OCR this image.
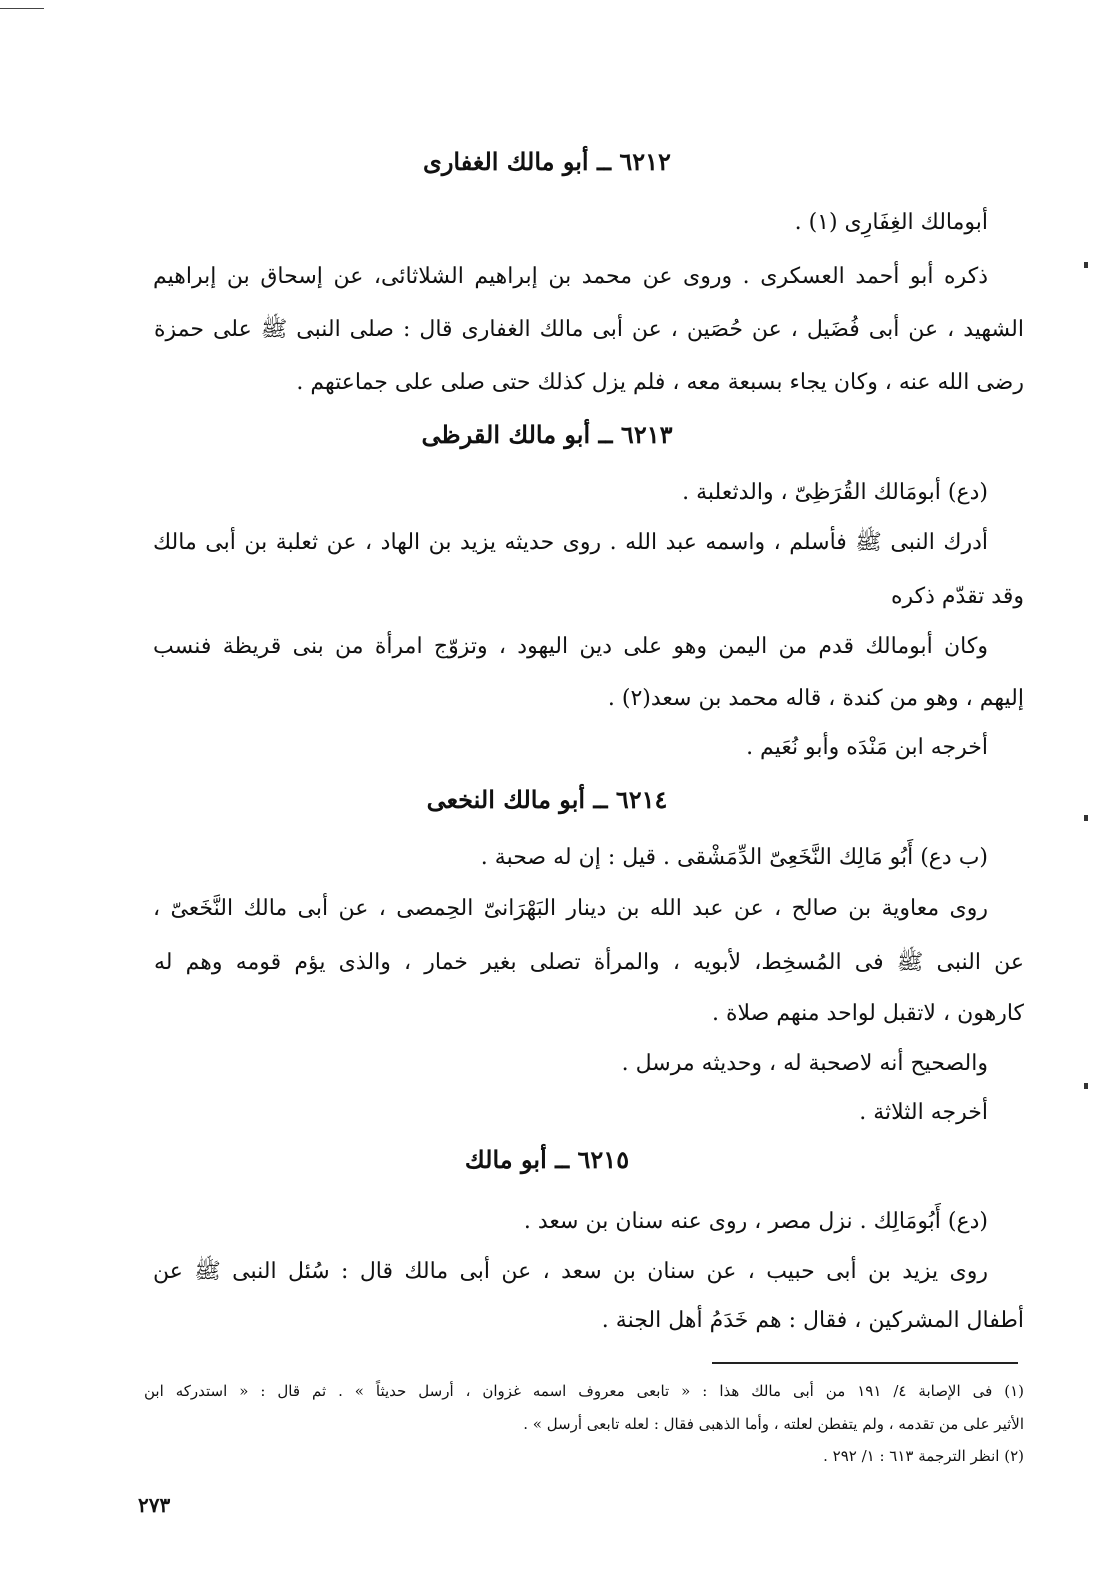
٦٢١٢ ــ أبو مالك الغفارى
أبومالك الغِفَارِى (١) .
ذكره أبو أحمد العسكرى . وروى عن محمد بن إبراهيم الشلاثائى، عن إسحاق بن إبراهيم
الشهيد ، عن أبى فُضَيل ، عن حُصَين ، عن أبى مالك الغفارى قال : صلى النبى ﷺ على حمزة
رضى الله عنه ، وكان يجاء بسبعة معه ، فلم يزل كذلك حتى صلى على جماعتهم .
٦٢١٣ ــ أبو مالك القرظى
(دع) أبومَالك القُرَظِىّ ، والدثعلبة .
أدرك النبى ﷺ فأسلم ، واسمه عبد الله . روى حديثه يزيد بن الهاد ، عن ثعلبة بن أبى مالك
وقد تقدّم ذكره
وكان أبومالك قدم من اليمن وهو على دين اليهود ، وتزوّج امرأة من بنى قريظة فنسب
إليهم ، وهو من كندة ، قاله محمد بن سعد(٢) .
أخرجه ابن مَنْدَه وأبو نُعَيم .
٦٢١٤ ــ أبو مالك النخعى
(ب دع) أَبُو مَالِك النَّخَعِىّ الدِّمَشْقى . قيل : إن له صحبة .
روى معاوية بن صالح ، عن عبد الله بن دينار البَهْرَانىّ الحِمصى ، عن أبى مالك النَّخَعىّ ،
عن النبى ﷺ فى المُسخِط، لأبويه ، والمرأة تصلى بغير خمار ، والذى يؤم قومه وهم له
كارهون ، لاتقبل لواحد منهم صلاة .
والصحيح أنه لاصحبة له ، وحديثه مرسل .
أخرجه الثلاثة .
٦٢١٥ ــ أبو مالك
(دع) أَبُومَالِك . نزل مصر ، روى عنه سنان بن سعد .
روى يزيد بن أبى حبيب ، عن سنان بن سعد ، عن أبى مالك قال : سُئل النبى ﷺ عن
أطفال المشركين ، فقال : هم خَدَمُ أهل الجنة .
(١) فى الإصابة ٤/ ١٩١ من أبى مالك هذا : « تابعى معروف اسمه غزوان ، أرسل حديثاً » . ثم قال : « استدركه ابن
الأثير على من تقدمه ، ولم يتفطن لعلته ، وأما الذهبى فقال : لعله تابعى أرسل » .
(٢) انظر الترجمة ٦١٣ : ١/ ٢٩٢ .
٢٧٣
